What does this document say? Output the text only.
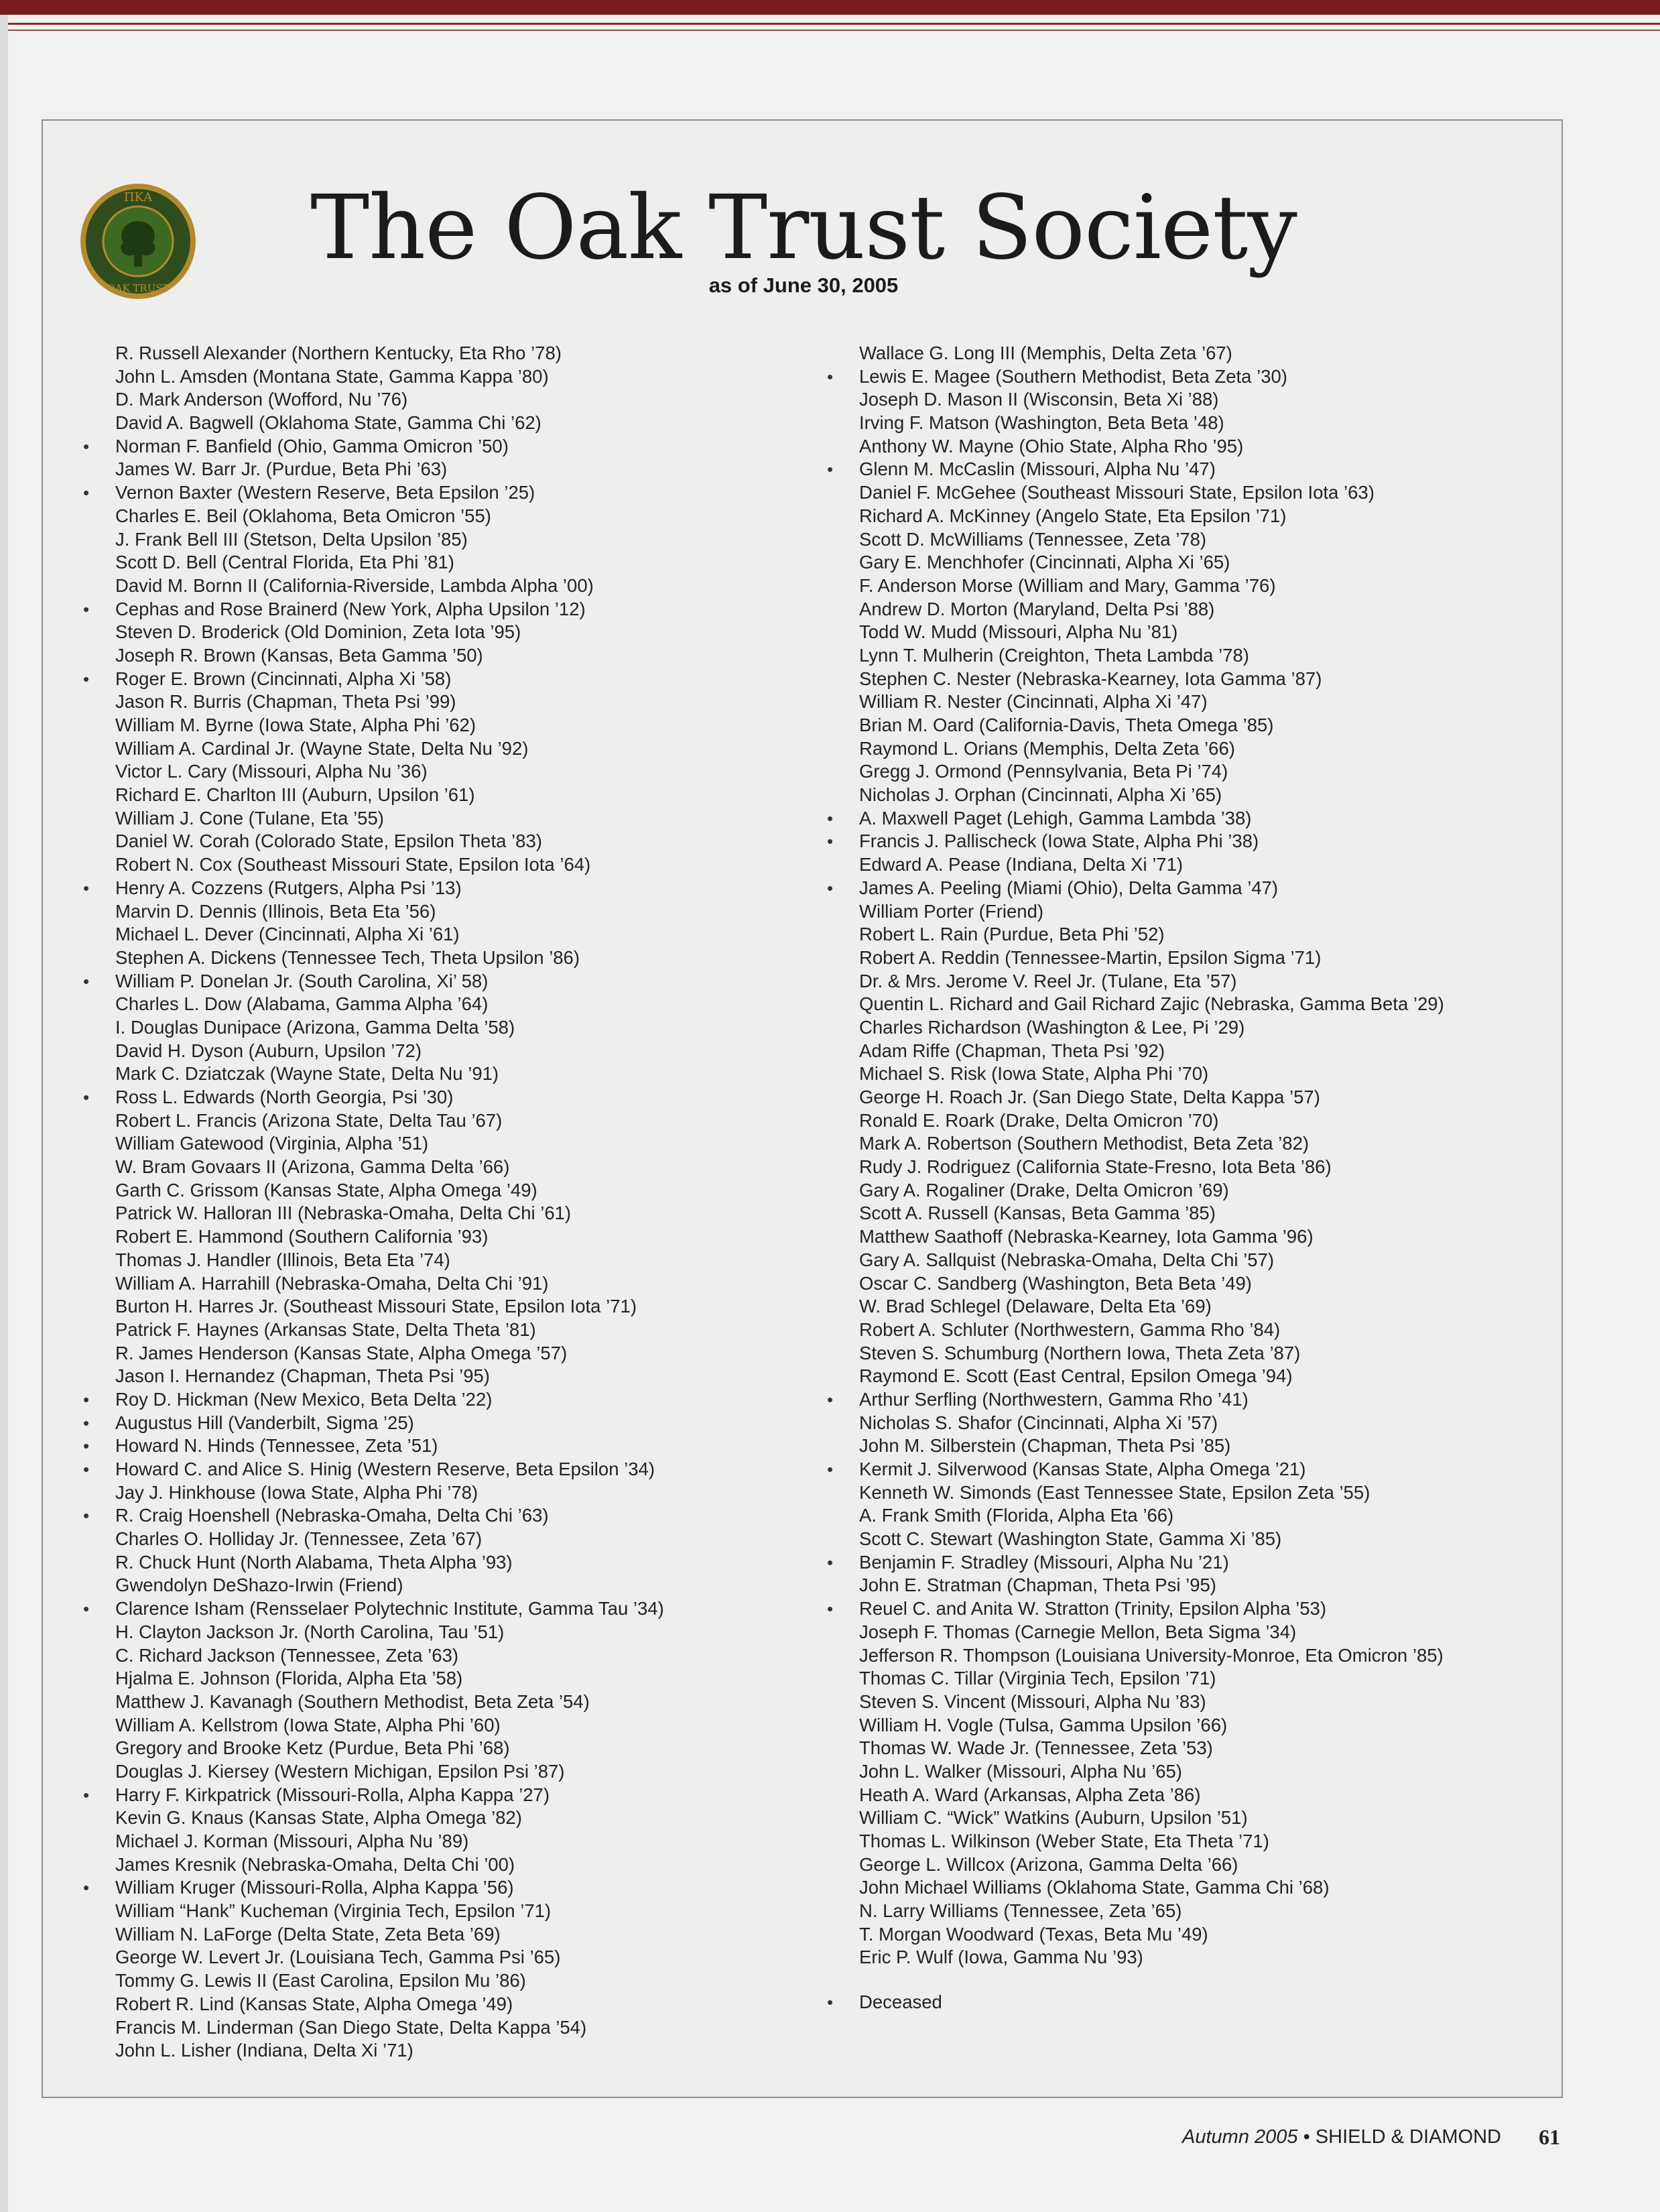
ΠΚΑ
OAK TRUST
The Oak Trust Society
as of June 30, 2005
R. Russell Alexander (Northern Kentucky, Eta Rho ’78)
John L. Amsden (Montana State, Gamma Kappa ’80)
D. Mark Anderson (Wofford, Nu ’76)
David A. Bagwell (Oklahoma State, Gamma Chi ’62)
• Norman F. Banfield (Ohio, Gamma Omicron ’50)
James W. Barr Jr. (Purdue, Beta Phi ’63)
• Vernon Baxter (Western Reserve, Beta Epsilon ’25)
Charles E. Beil (Oklahoma, Beta Omicron ’55)
J. Frank Bell III (Stetson, Delta Upsilon ’85)
Scott D. Bell (Central Florida, Eta Phi ’81)
David M. Bornn II (California-Riverside, Lambda Alpha ’00)
• Cephas and Rose Brainerd (New York, Alpha Upsilon ’12)
Steven D. Broderick (Old Dominion, Zeta Iota ’95)
Joseph R. Brown (Kansas, Beta Gamma ’50)
• Roger E. Brown (Cincinnati, Alpha Xi ’58)
Jason R. Burris (Chapman, Theta Psi ’99)
William M. Byrne (Iowa State, Alpha Phi ’62)
William A. Cardinal Jr. (Wayne State, Delta Nu ’92)
Victor L. Cary (Missouri, Alpha Nu ’36)
Richard E. Charlton III (Auburn, Upsilon ’61)
William J. Cone (Tulane, Eta ’55)
Daniel W. Corah (Colorado State, Epsilon Theta ’83)
Robert N. Cox (Southeast Missouri State, Epsilon Iota ’64)
• Henry A. Cozzens (Rutgers, Alpha Psi ’13)
Marvin D. Dennis (Illinois, Beta Eta ’56)
Michael L. Dever (Cincinnati, Alpha Xi ’61)
Stephen A. Dickens (Tennessee Tech, Theta Upsilon ’86)
• William P. Donelan Jr. (South Carolina, Xi’ 58)
Charles L. Dow (Alabama, Gamma Alpha ’64)
I. Douglas Dunipace (Arizona, Gamma Delta ’58)
David H. Dyson (Auburn, Upsilon ’72)
Mark C. Dziatczak (Wayne State, Delta Nu ’91)
• Ross L. Edwards (North Georgia, Psi ’30)
Robert L. Francis (Arizona State, Delta Tau ’67)
William Gatewood (Virginia, Alpha ’51)
W. Bram Govaars II (Arizona, Gamma Delta ’66)
Garth C. Grissom (Kansas State, Alpha Omega ’49)
Patrick W. Halloran III (Nebraska-Omaha, Delta Chi ’61)
Robert E. Hammond (Southern California ’93)
Thomas J. Handler (Illinois, Beta Eta ’74)
William A. Harrahill (Nebraska-Omaha, Delta Chi ’91)
Burton H. Harres Jr. (Southeast Missouri State, Epsilon Iota ’71)
Patrick F. Haynes (Arkansas State, Delta Theta ’81)
R. James Henderson (Kansas State, Alpha Omega ’57)
Jason I. Hernandez (Chapman, Theta Psi ’95)
• Roy D. Hickman (New Mexico, Beta Delta ’22)
• Augustus Hill (Vanderbilt, Sigma ’25)
• Howard N. Hinds (Tennessee, Zeta ’51)
• Howard C. and Alice S. Hinig (Western Reserve, Beta Epsilon ’34)
Jay J. Hinkhouse (Iowa State, Alpha Phi ’78)
• R. Craig Hoenshell (Nebraska-Omaha, Delta Chi ’63)
Charles O. Holliday Jr. (Tennessee, Zeta ’67)
R. Chuck Hunt (North Alabama, Theta Alpha ’93)
Gwendolyn DeShazo-Irwin (Friend)
• Clarence Isham (Rensselaer Polytechnic Institute, Gamma Tau ’34)
H. Clayton Jackson Jr. (North Carolina, Tau ’51)
C. Richard Jackson (Tennessee, Zeta ’63)
Hjalma E. Johnson (Florida, Alpha Eta ’58)
Matthew J. Kavanagh (Southern Methodist, Beta Zeta ’54)
William A. Kellstrom (Iowa State, Alpha Phi ’60)
Gregory and Brooke Ketz (Purdue, Beta Phi ’68)
Douglas J. Kiersey (Western Michigan, Epsilon Psi ’87)
• Harry F. Kirkpatrick (Missouri-Rolla, Alpha Kappa ’27)
Kevin G. Knaus (Kansas State, Alpha Omega ’82)
Michael J. Korman (Missouri, Alpha Nu ’89)
James Kresnik (Nebraska-Omaha, Delta Chi ’00)
• William Kruger (Missouri-Rolla, Alpha Kappa ’56)
William “Hank” Kucheman (Virginia Tech, Epsilon ’71)
William N. LaForge (Delta State, Zeta Beta ’69)
George W. Levert Jr. (Louisiana Tech, Gamma Psi ’65)
Tommy G. Lewis II (East Carolina, Epsilon Mu ’86)
Robert R. Lind (Kansas State, Alpha Omega ’49)
Francis M. Linderman (San Diego State, Delta Kappa ’54)
John L. Lisher (Indiana, Delta Xi ’71)
Wallace G. Long III (Memphis, Delta Zeta ’67)
• Lewis E. Magee (Southern Methodist, Beta Zeta ’30)
Joseph D. Mason II (Wisconsin, Beta Xi ’88)
Irving F. Matson (Washington, Beta Beta ’48)
Anthony W. Mayne (Ohio State, Alpha Rho ’95)
• Glenn M. McCaslin (Missouri, Alpha Nu ’47)
Daniel F. McGehee (Southeast Missouri State, Epsilon Iota ’63)
Richard A. McKinney (Angelo State, Eta Epsilon ’71)
Scott D. McWilliams (Tennessee, Zeta ’78)
Gary E. Menchhofer (Cincinnati, Alpha Xi ’65)
F. Anderson Morse (William and Mary, Gamma ’76)
Andrew D. Morton (Maryland, Delta Psi ’88)
Todd W. Mudd (Missouri, Alpha Nu ’81)
Lynn T. Mulherin (Creighton, Theta Lambda ’78)
Stephen C. Nester (Nebraska-Kearney, Iota Gamma ’87)
William R. Nester (Cincinnati, Alpha Xi ’47)
Brian M. Oard (California-Davis, Theta Omega ’85)
Raymond L. Orians (Memphis, Delta Zeta ’66)
Gregg J. Ormond (Pennsylvania, Beta Pi ’74)
Nicholas J. Orphan (Cincinnati, Alpha Xi ’65)
• A. Maxwell Paget (Lehigh, Gamma Lambda ’38)
• Francis J. Pallischeck (Iowa State, Alpha Phi ’38)
Edward A. Pease (Indiana, Delta Xi ’71)
• James A. Peeling (Miami (Ohio), Delta Gamma ’47)
William Porter (Friend)
Robert L. Rain (Purdue, Beta Phi ’52)
Robert A. Reddin (Tennessee-Martin, Epsilon Sigma ’71)
Dr. & Mrs. Jerome V. Reel Jr. (Tulane, Eta ’57)
Quentin L. Richard and Gail Richard Zajic (Nebraska, Gamma Beta ’29)
Charles Richardson (Washington & Lee, Pi ’29)
Adam Riffe (Chapman, Theta Psi ’92)
Michael S. Risk (Iowa State, Alpha Phi ’70)
George H. Roach Jr. (San Diego State, Delta Kappa ’57)
Ronald E. Roark (Drake, Delta Omicron ’70)
Mark A. Robertson (Southern Methodist, Beta Zeta ’82)
Rudy J. Rodriguez (California State-Fresno, Iota Beta ’86)
Gary A. Rogaliner (Drake, Delta Omicron ’69)
Scott A. Russell (Kansas, Beta Gamma ’85)
Matthew Saathoff (Nebraska-Kearney, Iota Gamma ’96)
Gary A. Sallquist (Nebraska-Omaha, Delta Chi ’57)
Oscar C. Sandberg (Washington, Beta Beta ’49)
W. Brad Schlegel (Delaware, Delta Eta ’69)
Robert A. Schluter (Northwestern, Gamma Rho ’84)
Steven S. Schumburg (Northern Iowa, Theta Zeta ’87)
Raymond E. Scott (East Central, Epsilon Omega ’94)
• Arthur Serfling (Northwestern, Gamma Rho ’41)
Nicholas S. Shafor (Cincinnati, Alpha Xi ’57)
John M. Silberstein (Chapman, Theta Psi ’85)
• Kermit J. Silverwood (Kansas State, Alpha Omega ’21)
Kenneth W. Simonds (East Tennessee State, Epsilon Zeta ’55)
A. Frank Smith (Florida, Alpha Eta ’66)
Scott C. Stewart (Washington State, Gamma Xi ’85)
• Benjamin F. Stradley (Missouri, Alpha Nu ’21)
John E. Stratman (Chapman, Theta Psi ’95)
• Reuel C. and Anita W. Stratton (Trinity, Epsilon Alpha ’53)
Joseph F. Thomas (Carnegie Mellon, Beta Sigma ’34)
Jefferson R. Thompson (Louisiana University-Monroe, Eta Omicron ’85)
Thomas C. Tillar (Virginia Tech, Epsilon ’71)
Steven S. Vincent (Missouri, Alpha Nu ’83)
William H. Vogle (Tulsa, Gamma Upsilon ’66)
Thomas W. Wade Jr. (Tennessee, Zeta ’53)
John L. Walker (Missouri, Alpha Nu ’65)
Heath A. Ward (Arkansas, Alpha Zeta ’86)
William C. “Wick” Watkins (Auburn, Upsilon ’51)
Thomas L. Wilkinson (Weber State, Eta Theta ’71)
George L. Willcox (Arizona, Gamma Delta ’66)
John Michael Williams (Oklahoma State, Gamma Chi ’68)
N. Larry Williams (Tennessee, Zeta ’65)
T. Morgan Woodward (Texas, Beta Mu ’49)
Eric P. Wulf (Iowa, Gamma Nu ’93)
• Deceased
Autumn 2005 • SHIELD & DIAMOND 61
